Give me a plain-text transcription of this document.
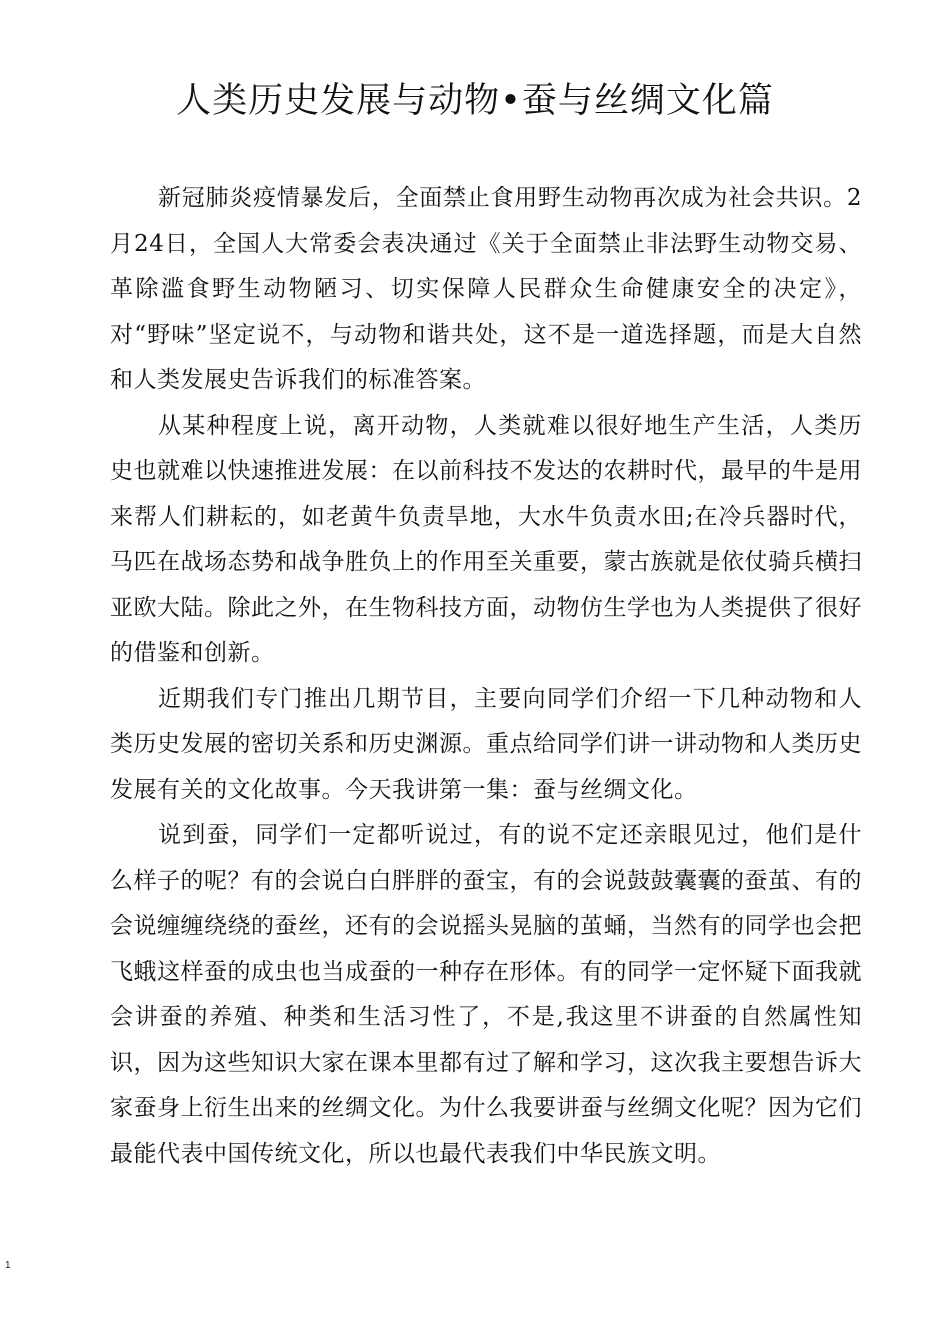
人类历史发展与动物•蚕与丝绸文化篇

新冠肺炎疫情暴发后，全面禁止食用野生动物再次成为社会共识。2月24日，全国人大常委会表决通过《关于全面禁止非法野生动物交易、革除滥食野生动物陋习、切实保障人民群众生命健康安全的决定》，对“野味”坚定说不，与动物和谐共处，这不是一道选择题，而是大自然和人类发展史告诉我们的标准答案。

从某种程度上说，离开动物，人类就难以很好地生产生活，人类历史也就难以快速推进发展：在以前科技不发达的农耕时代，最早的牛是用来帮人们耕耘的，如老黄牛负责旱地，大水牛负责水田;在冷兵器时代，马匹在战场态势和战争胜负上的作用至关重要，蒙古族就是依仗骑兵横扫亚欧大陆。除此之外，在生物科技方面，动物仿生学也为人类提供了很好的借鉴和创新。

近期我们专门推出几期节目，主要向同学们介绍一下几种动物和人类历史发展的密切关系和历史渊源。重点给同学们讲一讲动物和人类历史发展有关的文化故事。今天我讲第一集：蚕与丝绸文化。

说到蚕，同学们一定都听说过，有的说不定还亲眼见过，他们是什么样子的呢？有的会说白白胖胖的蚕宝，有的会说鼓鼓囊囊的蚕茧、有的会说缠缠绕绕的蚕丝，还有的会说摇头晃脑的茧蛹，当然有的同学也会把飞蛾这样蚕的成虫也当成蚕的一种存在形体。有的同学一定怀疑下面我就会讲蚕的养殖、种类和生活习性了，不是,我这里不讲蚕的自然属性知识，因为这些知识大家在课本里都有过了解和学习，这次我主要想告诉大家蚕身上衍生出来的丝绸文化。为什么我要讲蚕与丝绸文化呢？因为它们最能代表中国传统文化，所以也最代表我们中华民族文明。

1
